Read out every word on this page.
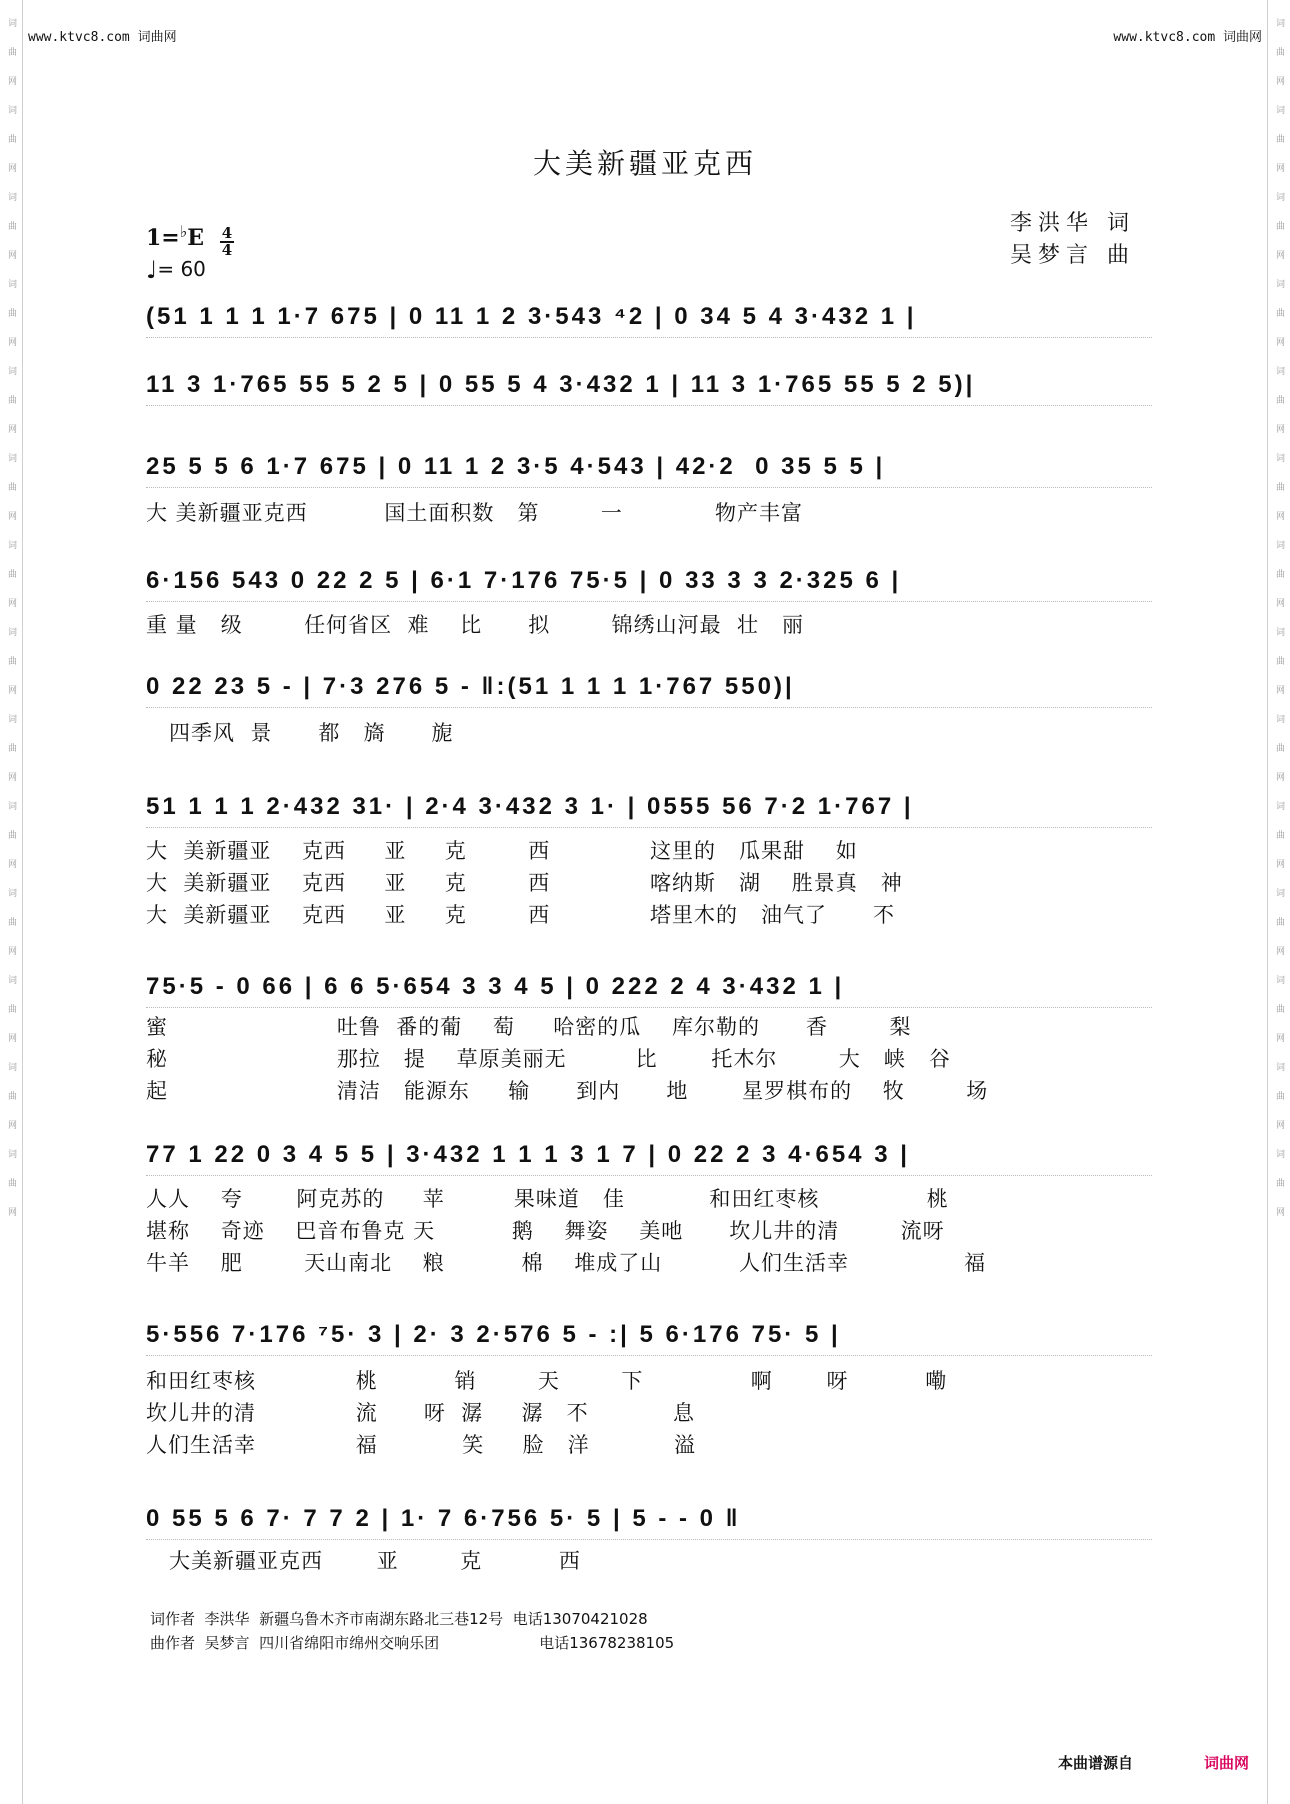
词
曲
网
词
曲
网
词
曲
网
词
曲
网
词
曲
网
词
曲
网
词
曲
网
词
曲
网
词
曲
网
词
曲
网
词
曲
网
词
曲
网
词
曲
网
词
曲
网
词
曲
网
词
曲
网
词
曲
网
词
曲
网
词
曲
网
词
曲
网
词
曲
网
词
曲
网
词
曲
网
词
曲
网
词
曲
网
词
曲
网
词
曲
网
词
曲
网
www.ktvc8.com 词曲网	www.ktvc8.com 词曲网
大美新疆亚克西
$1=^♭E \frac{4}{4}$
♩= 60
李洪华 词
吴梦言 曲
(51 1 1 1 1·7 675 | 0 11 1 2 3·543 ⁴2 | 0 34 5 4 3·432 1 |
11 3 1·765 55 5 2 5 | 0 55 5 4 3·432 1 | 11 3 1·765 55 5 2 5)|
25 5 5 6 1·7 675 | 0 11 1 2 3·5 4·543 | 42·2  0 35 5 5 |
6·156 543 0 22 2 5 | 6·1 7·176 75·5 | 0 33 3 3 2·325 6 |
0 22 23 5 - | 7·3 276 5 - ‖:(51 1 1 1 1·767 550)|
51 1 1 1 2·432 31· | 2·4 3·432 3 1· | 0555 56 7·2 1·767 |
75·5 - 0 66 | 6 6 5·654 3 3 4 5 | 0 222 2 4 3·432 1 |
77 1 22 0 3 4 5 5 | 3·432 1 1 1 3 1 7 | 0 22 2 3 4·654 3 |
5·556 7·176 ⁷5· 3 | 2· 3 2·576 5 - :| 5 6·176 75· 5 |
0 55 5 6 7· 7 7 2 | 1· 7 6·756 5· 5 | 5 - - 0 ‖
大 美新疆亚克西          国土面积数   第        一            物产丰富
重 量   级        任何省区  难    比      拟        锦绣山河最  壮   丽
四季风  景      都   旖      旎
大  美新疆亚    克西     亚     克        西             这里的   瓜果甜    如
大  美新疆亚    克西     亚     克        西             喀纳斯   湖    胜景真   神
大  美新疆亚    克西     亚     克        西             塔里木的   油气了      不
蜜                      吐鲁  番的葡    萄     哈密的瓜    库尔勒的      香        梨
秘                      那拉   提    草原美丽无         比       托木尔        大   峡   谷
起                      清洁   能源东     输      到内      地       星罗棋布的    牧        场
人人    夸       阿克苏的     苹         果味道   佳           和田红枣核              桃
堪称    奇迹    巴音布鲁克 天          鹅    舞姿    美吔      坎儿井的清        流呀
牛羊    肥        天山南北    粮          棉    堆成了山          人们生活幸               福
和田红枣核             桃          销        天        下              啊       呀          嘞
坎儿井的清             流      呀  潺     潺   不           息
人们生活幸             福           笑     脸   洋           溢
大美新疆亚克西       亚        克          西
词作者  李洪华  新疆乌鲁木齐市南湖东路北三巷12号  电话13070421028
曲作者  吴梦言  四川省绵阳市绵州交响乐团                     电话13678238105
本曲谱源自	词曲网
